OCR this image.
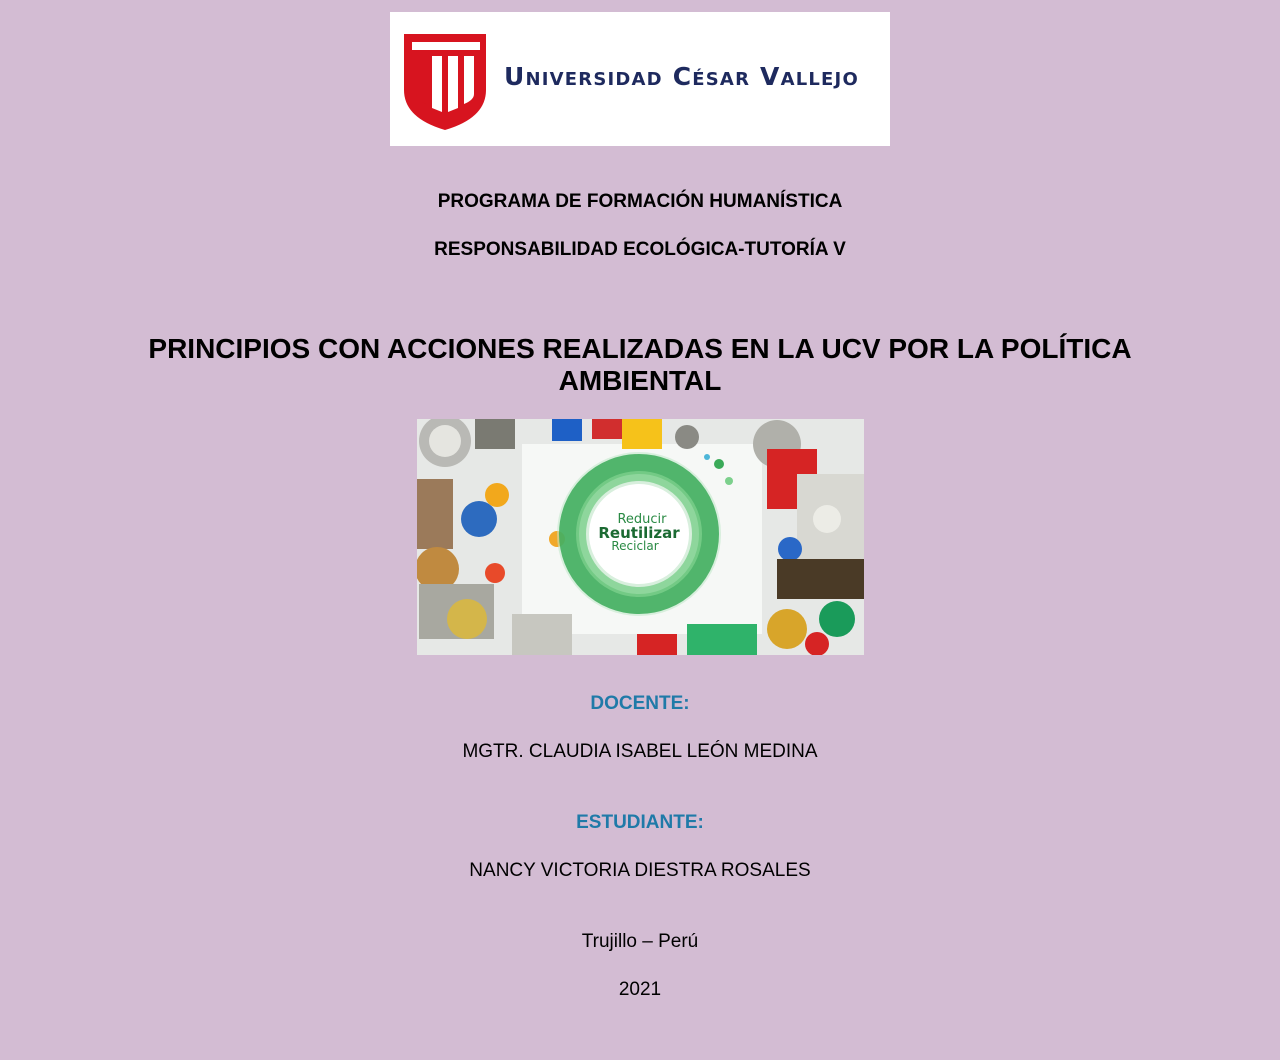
Universidad César Vallejo
PROGRAMA DE FORMACIÓN HUMANÍSTICA
RESPONSABILIDAD ECOLÓGICA-TUTORÍA V
PRINCIPIOS CON ACCIONES REALIZADAS EN LA UCV POR LA POLÍTICA
AMBIENTAL
Reducir
Reutilizar
Reciclar
DOCENTE:
MGTR. CLAUDIA ISABEL LEÓN MEDINA
ESTUDIANTE:
NANCY VICTORIA DIESTRA ROSALES
Trujillo – Perú
2021
